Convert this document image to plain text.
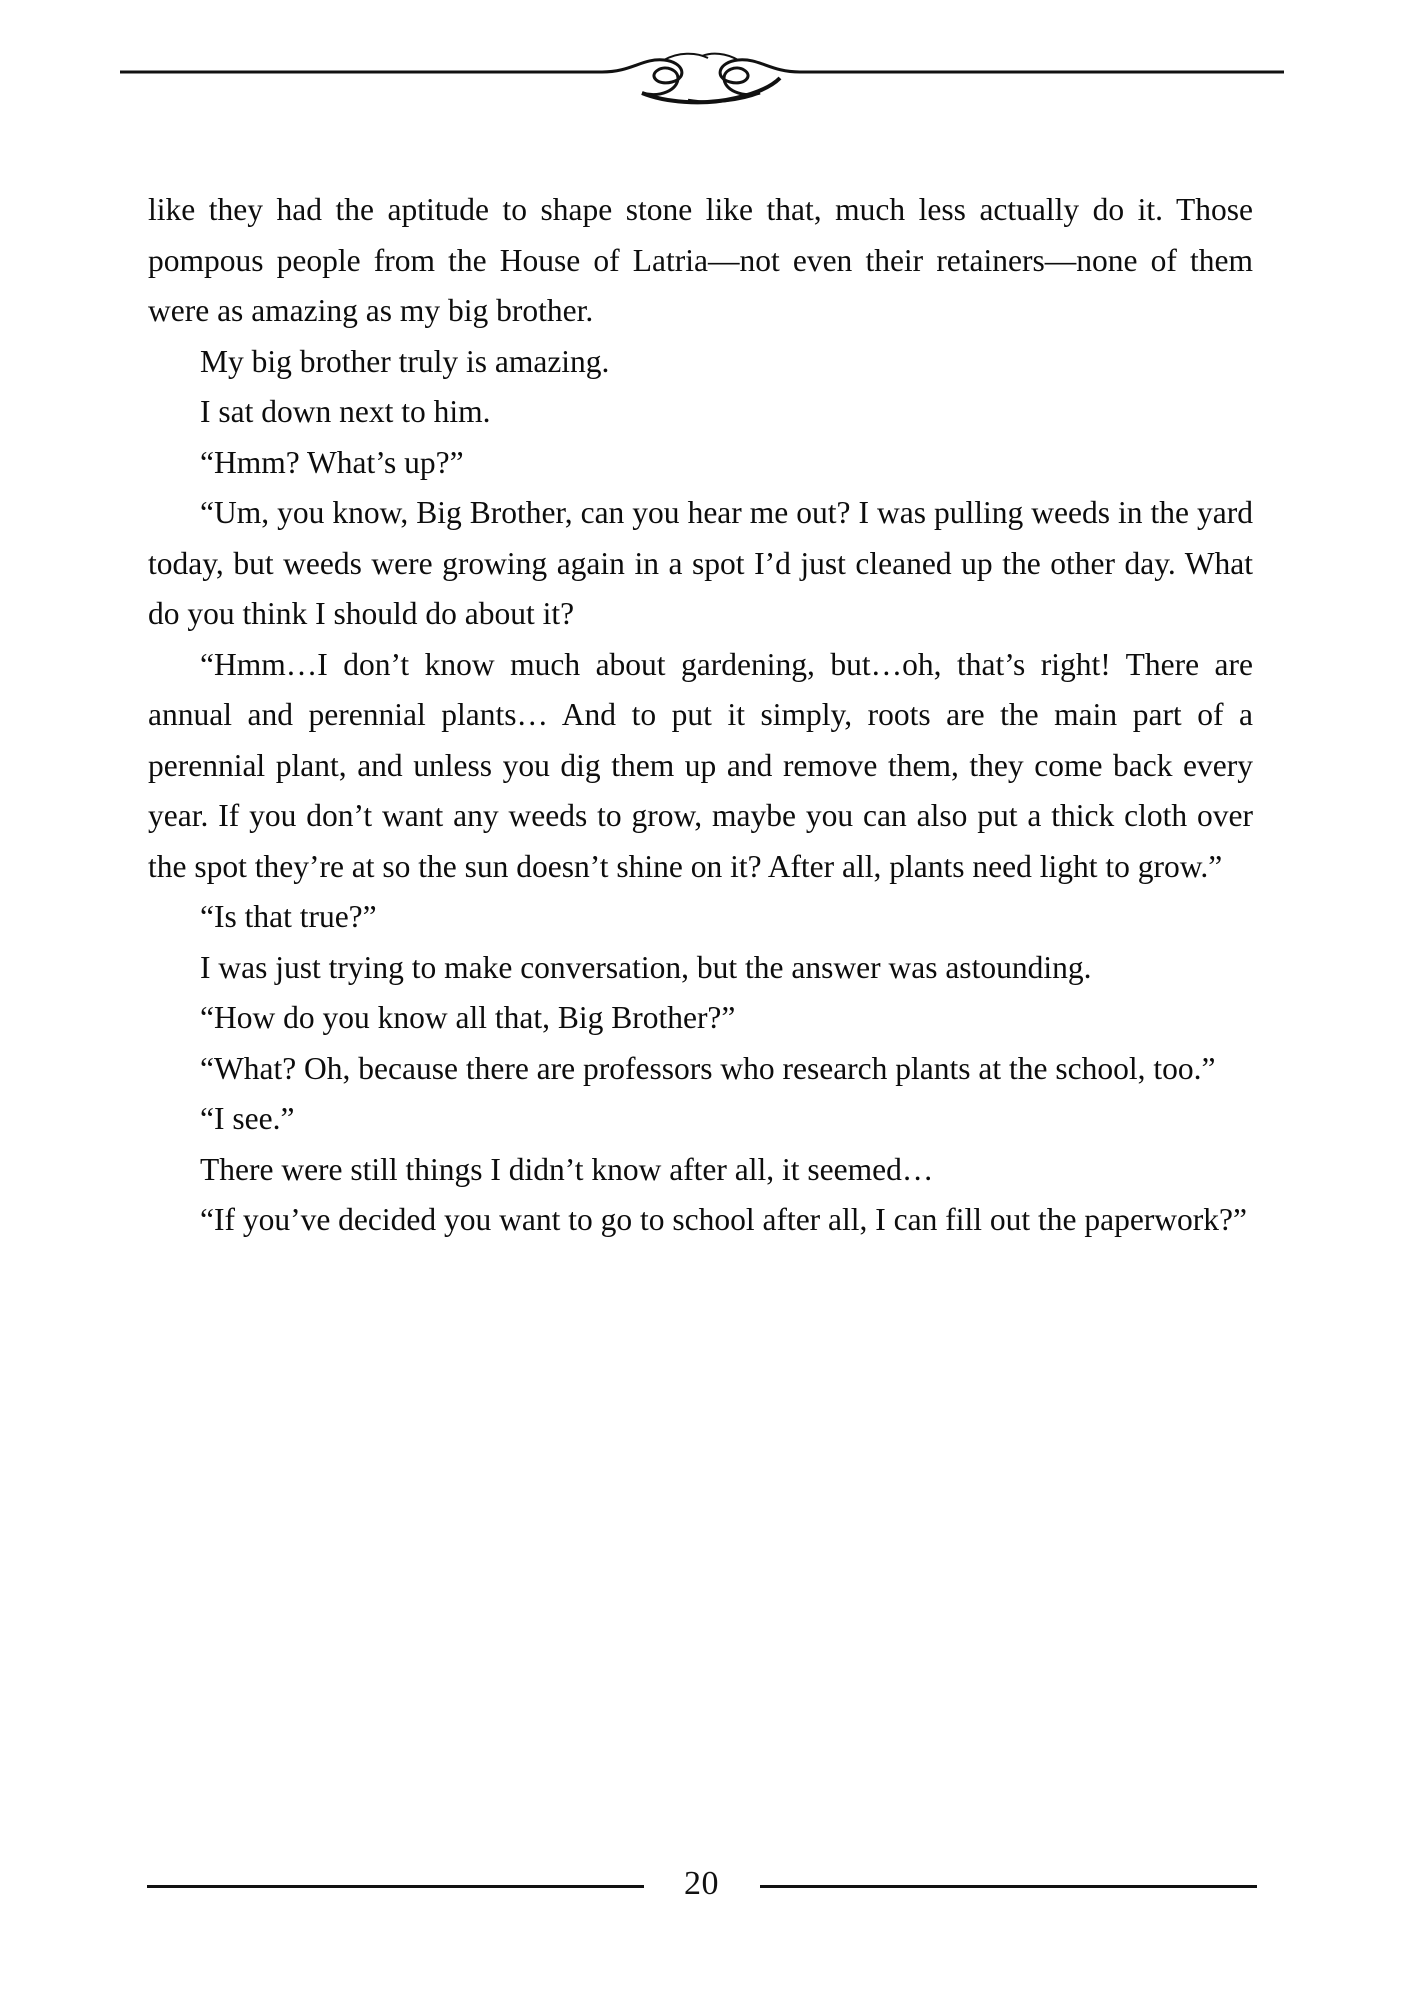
like they had the aptitude to shape stone like that, much less actually do it. Those pompous people from the House of Latria—not even their retainers—none of them were as amazing as my big brother.

My big brother truly is amazing.

I sat down next to him.

“Hmm? What’s up?”

“Um, you know, Big Brother, can you hear me out? I was pulling weeds in the yard today, but weeds were growing again in a spot I’d just cleaned up the other day. What do you think I should do about it?

“Hmm…I don’t know much about gardening, but…oh, that’s right! There are annual and perennial plants… And to put it simply, roots are the main part of a perennial plant, and unless you dig them up and remove them, they come back every year. If you don’t want any weeds to grow, maybe you can also put a thick cloth over the spot they’re at so the sun doesn’t shine on it? After all, plants need light to grow.”

“Is that true?”

I was just trying to make conversation, but the answer was astounding.

“How do you know all that, Big Brother?”

“What? Oh, because there are professors who research plants at the school, too.”

“I see.”

There were still things I didn’t know after all, it seemed…

“If you’ve decided you want to go to school after all, I can fill out the paperwork?”

20
